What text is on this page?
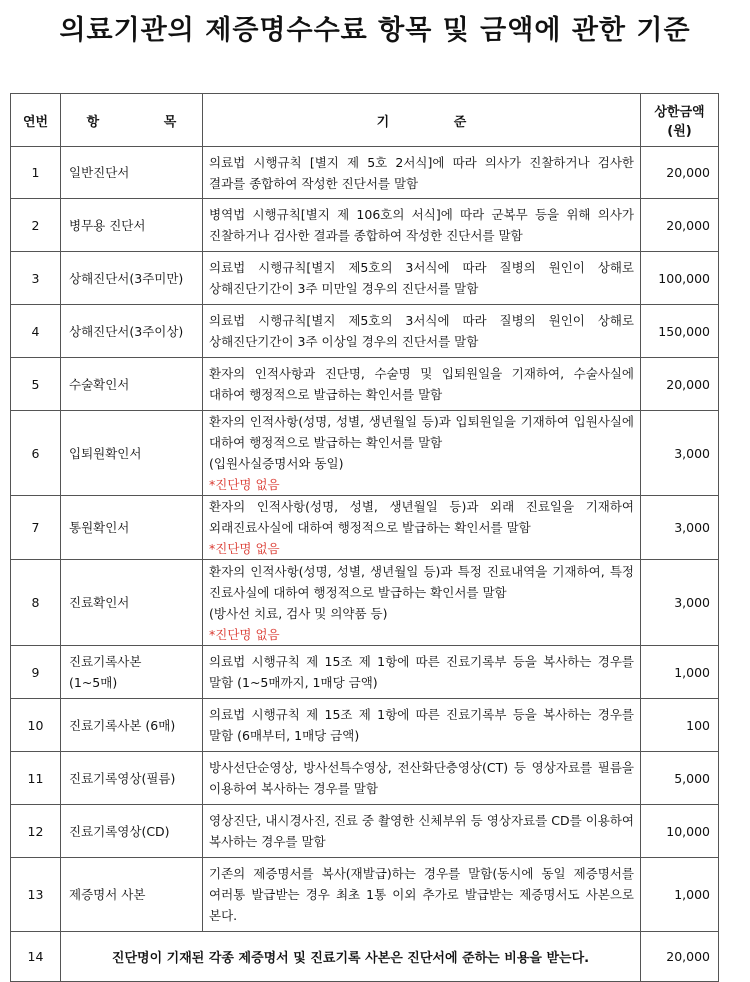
의료기관의 제증명수수료 항목 및 금액에 관한 기준
연번	항 목	기 준	상한금액
(원)

1	일반진단서	의료법 시행규칙 [별지 제 5호 2서식]에 따라 의사가 진찰하거나 검사한 결과를 종합하여 작성한 진단서를 말함	20,000
2	병무용 진단서	병역법 시행규칙[별지 제 106호의 서식]에 따라 군복무 등을 위해 의사가 진찰하거나 검사한 결과를 종합하여 작성한 진단서를 말함	20,000
3	상해진단서(3주미만)	의료법 시행규칙[별지 제5호의 3서식에 따라 질병의 원인이 상해로 상해진단기간이 3주 미만일 경우의 진단서를 말함	100,000
4	상해진단서(3주이상)	의료법 시행규칙[별지 제5호의 3서식에 따라 질병의 원인이 상해로 상해진단기간이 3주 이상일 경우의 진단서를 말함	150,000
5	수술확인서	환자의 인적사항과 진단명, 수술명 및 입퇴원일을 기재하여, 수술사실에 대하여 행정적으로 발급하는 확인서를 말함	20,000
6	입퇴원확인서	환자의 인적사항(성명, 성별, 생년월일 등)과 입퇴원일을 기재하여 입원사실에 대하여 행정적으로 발급하는 확인서를 말함
(입원사실증명서와 동일)
*진단명 없음	3,000
7	통원확인서	환자의 인적사항(성명, 성별, 생년월일 등)과 외래 진료일을 기재하여 외래진료사실에 대하여 행정적으로 발급하는 확인서를 말함
*진단명 없음	3,000
8	진료확인서	환자의 인적사항(성명, 성별, 생년월일 등)과 특정 진료내역을 기재하여, 특정 진료사실에 대하여 행정적으로 발급하는 확인서를 말함
(방사선 치료, 검사 및 의약품 등)
*진단명 없음	3,000
9	진료기록사본
(1~5매)	의료법 시행규칙 제 15조 제 1항에 따른 진료기록부 등을 복사하는 경우를 말함 (1~5매까지, 1매당 금액)	1,000
10	진료기록사본 (6매)	의료법 시행규칙 제 15조 제 1항에 따른 진료기록부 등을 복사하는 경우를 말함 (6매부터, 1매당 금액)	100
11	진료기록영상(필름)	방사선단순영상, 방사선특수영상, 전산화단층영상(CT) 등 영상자료를 필름을 이용하여 복사하는 경우를 말함	5,000
12	진료기록영상(CD)	영상진단, 내시경사진, 진료 중 촬영한 신체부위 등 영상자료를 CD를 이용하여 복사하는 경우를 말함	10,000
13	제증명서 사본	기존의 제증명서를 복사(재발급)하는 경우를 말함(동시에 동일 제증명서를 여러통 발급받는 경우 최초 1통 이외 추가로 발급받는 제증명서도 사본으로 본다.	1,000
14	진단명이 기재된 각종 제증명서 및 진료기록 사본은 진단서에 준하는 비용을 받는다.		20,000
